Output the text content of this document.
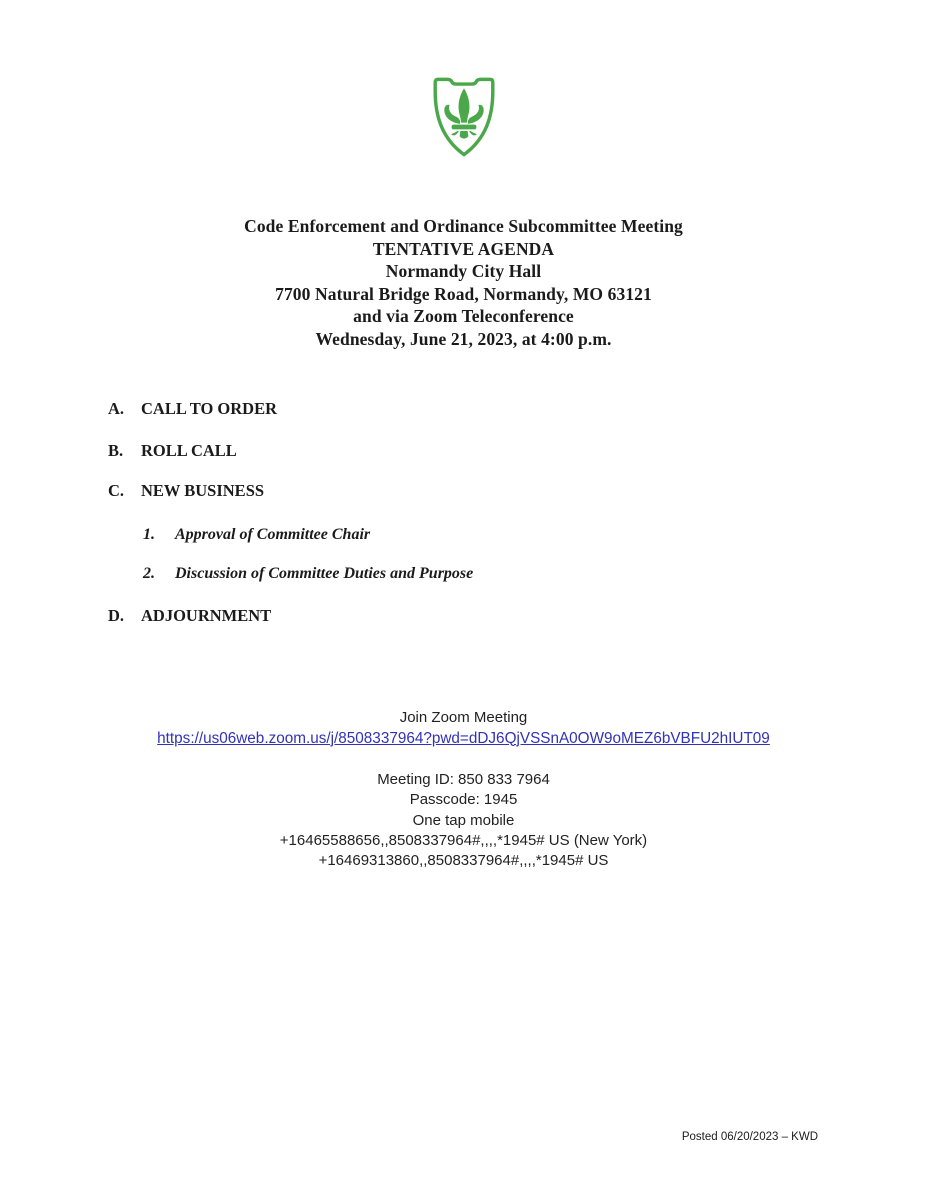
Code Enforcement and Ordinance Subcommittee Meeting
TENTATIVE AGENDA
Normandy City Hall
7700 Natural Bridge Road, Normandy, MO 63121
and via Zoom Teleconference
Wednesday, June 21, 2023, at 4:00 p.m.
A.	CALL TO ORDER
B.	ROLL CALL
C.	NEW BUSINESS
1.	Approval of Committee Chair
2.	Discussion of Committee Duties and Purpose
D.	ADJOURNMENT
Join Zoom Meeting
https://us06web.zoom.us/j/8508337964?pwd=dDJ6QjVSSnA0OW9oMEZ6bVBFU2hIUT09
Meeting ID: 850 833 7964
Passcode: 1945
One tap mobile
+16465588656,,8508337964#,,,,*1945# US (New York)
+16469313860,,8508337964#,,,,*1945# US
Posted 06/20/2023 – KWD
